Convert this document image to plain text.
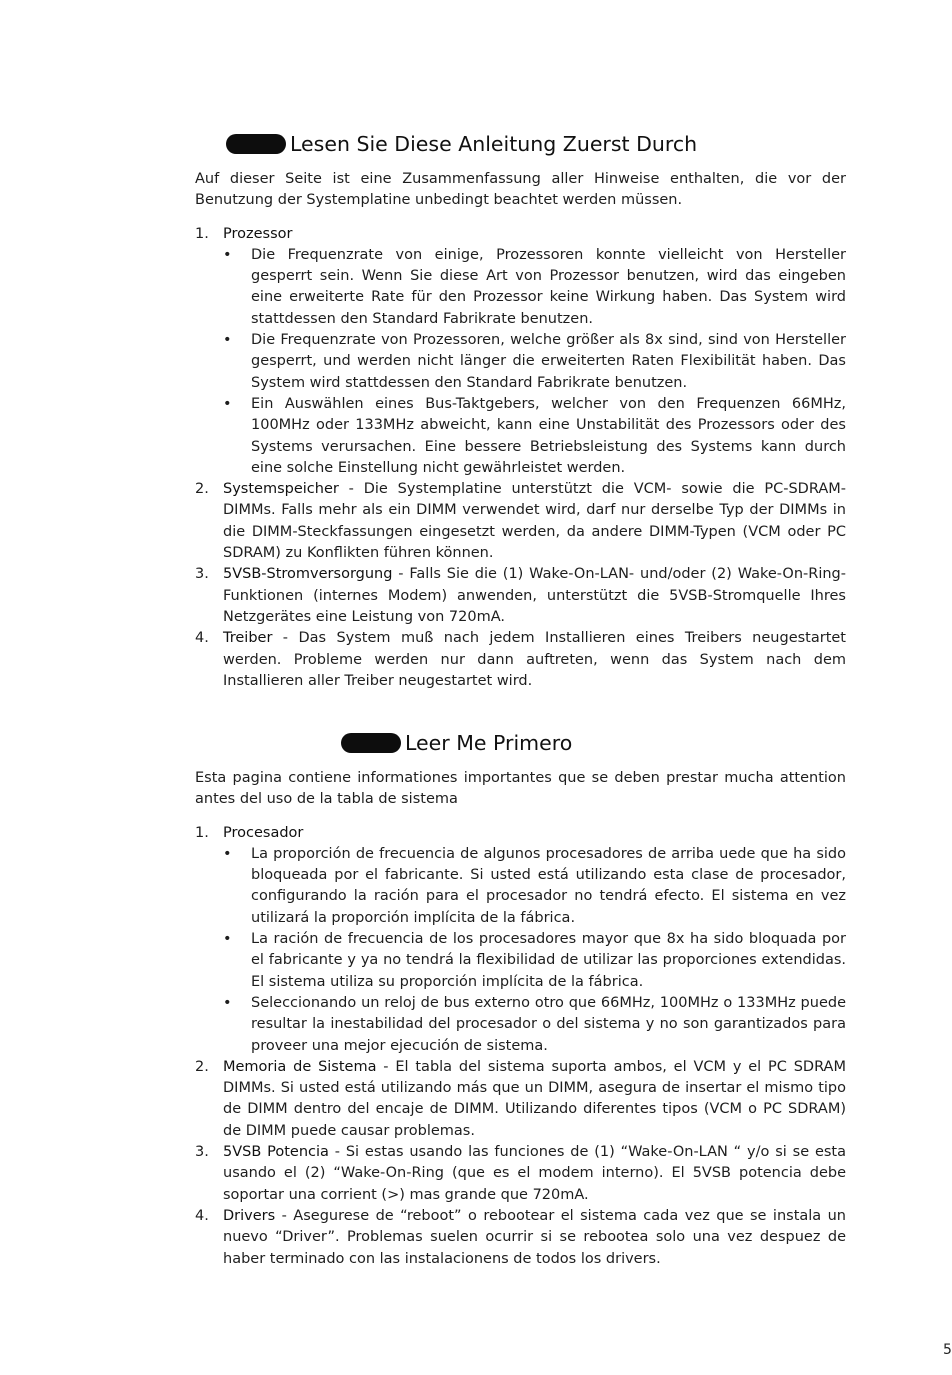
Lesen Sie Diese Anleitung Zuerst Durch

Auf dieser Seite ist eine Zusammenfassung aller Hinweise enthalten, die vor der Benutzung der Systemplatine unbedingt beachtet werden müssen.

1. Prozessor
• Die Frequenzrate von einige, Prozessoren konnte vielleicht von Hersteller gesperrt sein. Wenn Sie diese Art von Prozessor benutzen, wird das eingeben eine erweiterte Rate für den Prozessor keine Wirkung haben. Das System wird stattdessen den Standard Fabrikrate benutzen.
• Die Frequenzrate von Prozessoren, welche größer als 8x sind, sind von Hersteller gesperrt, und werden nicht länger die erweiterten Raten Flexibilität haben. Das System wird stattdessen den Standard Fabrikrate benutzen.
• Ein Auswählen eines Bus-Taktgebers, welcher von den Frequenzen 66MHz, 100MHz oder 133MHz abweicht, kann eine Unstabilität des Prozessors oder des Systems verursachen. Eine bessere Betriebsleistung des Systems kann durch eine solche Einstellung nicht gewährleistet werden.
2. Systemspeicher - Die Systemplatine unterstützt die VCM- sowie die PC-SDRAM-DIMMs. Falls mehr als ein DIMM verwendet wird, darf nur derselbe Typ der DIMMs in die DIMM-Steckfassungen eingesetzt werden, da andere DIMM-Typen (VCM oder PC SDRAM) zu Konflikten führen können.
3. 5VSB-Stromversorgung - Falls Sie die (1) Wake-On-LAN- und/oder (2) Wake-On-Ring-Funktionen (internes Modem) anwenden, unterstützt die 5VSB-Stromquelle Ihres Netzgerätes eine Leistung von 720mA.
4. Treiber - Das System muß nach jedem Installieren eines Treibers neugestartet werden. Probleme werden nur dann auftreten, wenn das System nach dem Installieren aller Treiber neugestartet wird.
Leer Me Primero

Esta pagina contiene informationes importantes que se deben prestar mucha attention antes del uso de la tabla de sistema

1. Procesador
• La proporción de frecuencia de algunos procesadores de arriba uede que ha sido bloqueada por el fabricante. Si usted está utilizando esta clase de procesador, configurando la ración para el procesador no tendrá efecto. El sistema en vez utilizará la proporción implícita de la fábrica.
• La ración de frecuencia de los procesadores mayor que 8x ha sido bloquada por el fabricante y ya no tendrá la flexibilidad de utilizar las proporciones extendidas. El sistema utiliza su proporción implícita de la fábrica.
• Seleccionando un reloj de bus externo otro que 66MHz, 100MHz o 133MHz puede resultar la inestabilidad del procesador o del sistema y no son garantizados para proveer una mejor ejecución de sistema.
2. Memoria de Sistema - El tabla del sistema suporta ambos, el VCM y el PC SDRAM DIMMs. Si usted está utilizando más que un DIMM, asegura de insertar el mismo tipo de DIMM dentro del encaje de DIMM. Utilizando diferentes tipos (VCM o PC SDRAM) de DIMM puede causar problemas.
3. 5VSB Potencia - Si estas usando las funciones de (1) “Wake-On-LAN “ y/o si se esta usando el (2) “Wake-On-Ring (que es el modem interno). El 5VSB potencia debe soportar una corrient (>) mas grande que 720mA.
4. Drivers - Asegurese de “reboot” o rebootear el sistema cada vez que se instala un nuevo “Driver”. Problemas suelen ocurrir si se rebootea solo una vez despuez de haber terminado con las instalacionens de todos los drivers.
5
